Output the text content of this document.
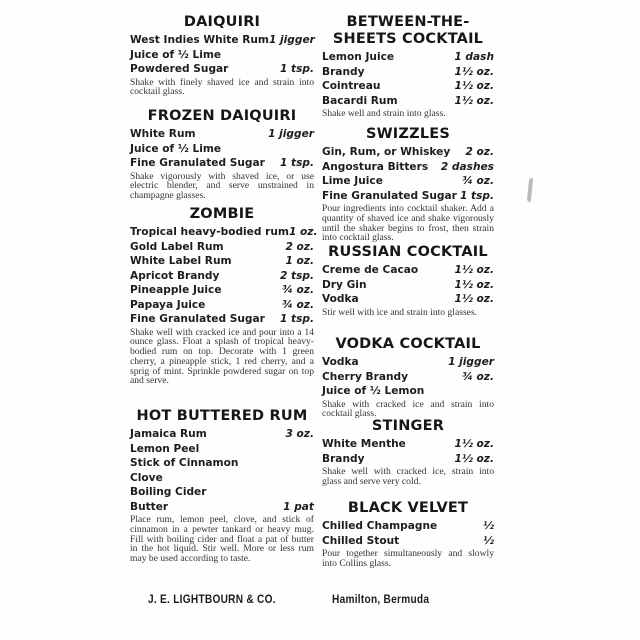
DAIQUIRI
West Indies White Rum 1 jigger
Juice of ½ Lime
Powdered Sugar	1 tsp.
Shake with finely shaved ice and strain into cocktail glass.
FROZEN DAIQUIRI
White Rum	1 jigger
Juice of ½ Lime
Fine Granulated Sugar 1 tsp.
Shake vigorously with shaved ice, or use electric blender, and serve unstrained in champagne glasses.
ZOMBIE
Tropical heavy-bodied rum 1 oz.
Gold Label Rum	2 oz.
White Label Rum	1 oz.
Apricot Brandy	2 tsp.
Pineapple Juice	¾ oz.
Papaya Juice	¾ oz.
Fine Granulated Sugar 1 tsp.
Shake well with cracked ice and pour into a 14 ounce glass. Float a splash of tropical heavy-bodied rum on top. Decorate with 1 green cherry, a pineapple stick, 1 red cherry, and a sprig of mint. Sprinkle powdered sugar on top and serve.
HOT BUTTERED RUM
Jamaica Rum	3 oz.
Lemon Peel
Stick of Cinnamon
Clove
Boiling Cider
Butter	1 pat
Place rum, lemon peel, clove, and stick of cinnamon in a pewter tankard or heavy mug. Fill with boiling cider and float a pat of butter in the hot liquid. Stir well. More or less rum may be used according to taste.
BETWEEN-THE-SHEETS COCKTAIL
Lemon Juice	1 dash
Brandy	1½ oz.
Cointreau	1½ oz.
Bacardi Rum	1½ oz.
Shake well and strain into glass.
SWIZZLES
Gin, Rum, or Whiskey 2 oz.
Angostura Bitters 2 dashes
Lime Juice	¾ oz.
Fine Granulated Sugar 1 tsp.
Pour ingredients into cocktail shaker. Add a quantity of shaved ice and shake vigorously until the shaker begins to frost, then strain into cocktail glass.
RUSSIAN COCKTAIL
Creme de Cacao	1½ oz.
Dry Gin	1½ oz.
Vodka	1½ oz.
Stir well with ice and strain into glasses.
VODKA COCKTAIL
Vodka	1 jigger
Cherry Brandy	¾ oz.
Juice of ½ Lemon
Shake with cracked ice and strain into cocktail glass.
STINGER
White Menthe	1½ oz.
Brandy	1½ oz.
Shake well with cracked ice, strain into glass and serve very cold.
BLACK VELVET
Chilled Champagne	½
Chilled Stout	½
Pour together simultaneously and slowly into Collins glass.
J. E. LIGHTBOURN & CO.	Hamilton, Bermuda
